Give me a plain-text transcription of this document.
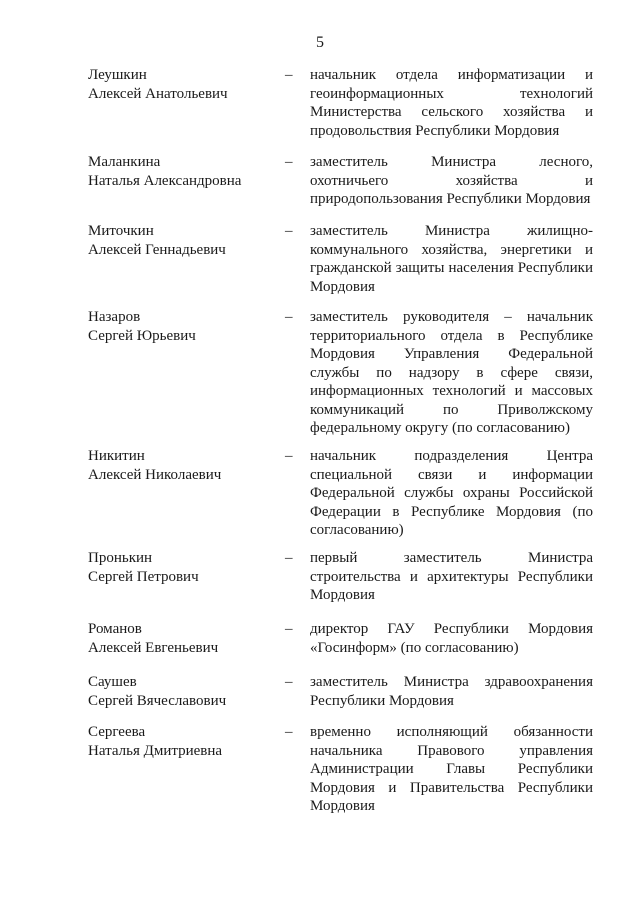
5
Леушкин
Алексей Анатольевич
– начальник отдела информатизации и
геоинформационных технологий
Министерства сельского хозяйства и
продовольствия Республики Мордовия
Маланкина
Наталья Александровна
– заместитель Министра лесного,
охотничьего хозяйства и
природопользования Республики Мордовия
Миточкин
Алексей Геннадьевич
– заместитель Министра жилищно-
коммунального хозяйства, энергетики и
гражданской защиты населения Республики
Мордовия
Назаров
Сергей Юрьевич
– заместитель руководителя – начальник
территориального отдела в Республике
Мордовия Управления Федеральной
службы по надзору в сфере связи,
информационных технологий и массовых
коммуникаций по Приволжскому
федеральному округу (по согласованию)
Никитин
Алексей Николаевич
– начальник подразделения Центра
специальной связи и информации
Федеральной службы охраны Российской
Федерации в Республике Мордовия (по
согласованию)
Пронькин
Сергей Петрович
– первый заместитель Министра
строительства и архитектуры Республики
Мордовия
Романов
Алексей Евгеньевич
– директор ГАУ Республики Мордовия
«Госинформ» (по согласованию)
Саушев
Сергей Вячеславович
– заместитель Министра здравоохранения
Республики Мордовия
Сергеева
Наталья Дмитриевна
– временно исполняющий обязанности
начальника Правового управления
Администрации Главы Республики
Мордовия и Правительства Республики
Мордовия
